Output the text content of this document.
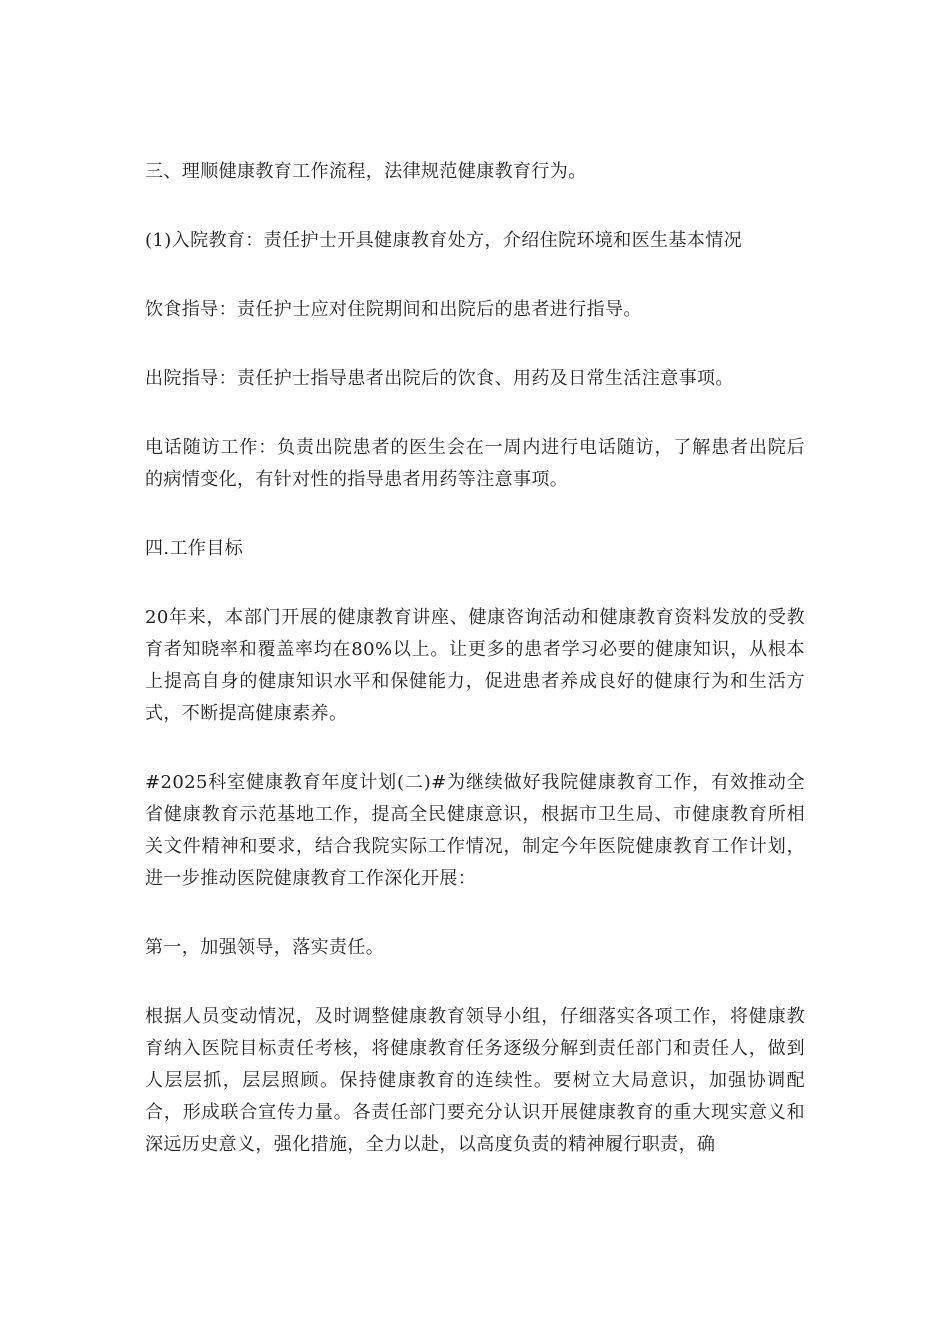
三、理顺健康教育工作流程，法律规范健康教育行为。

(1)入院教育：责任护士开具健康教育处方，介绍住院环境和医生基本情况

饮食指导：责任护士应对住院期间和出院后的患者进行指导。

出院指导：责任护士指导患者出院后的饮食、用药及日常生活注意事项。

电话随访工作：负责出院患者的医生会在一周内进行电话随访，了解患者出院后的病情变化，有针对性的指导患者用药等注意事项。

四.工作目标

20年来，本部门开展的健康教育讲座、健康咨询活动和健康教育资料发放的受教育者知晓率和覆盖率均在80%以上。让更多的患者学习必要的健康知识，从根本上提高自身的健康知识水平和保健能力，促进患者养成良好的健康行为和生活方式，不断提高健康素养。

#2025科室健康教育年度计划(二)#为继续做好我院健康教育工作，有效推动全省健康教育示范基地工作，提高全民健康意识，根据市卫生局、市健康教育所相关文件精神和要求，结合我院实际工作情况，制定今年医院健康教育工作计划，进一步推动医院健康教育工作深化开展：

第一，加强领导，落实责任。

根据人员变动情况，及时调整健康教育领导小组，仔细落实各项工作，将健康教育纳入医院目标责任考核，将健康教育任务逐级分解到责任部门和责任人，做到人层层抓，层层照顾。保持健康教育的连续性。要树立大局意识，加强协调配合，形成联合宣传力量。各责任部门要充分认识开展健康教育的重大现实意义和深远历史意义，强化措施，全力以赴，以高度负责的精神履行职责，确
